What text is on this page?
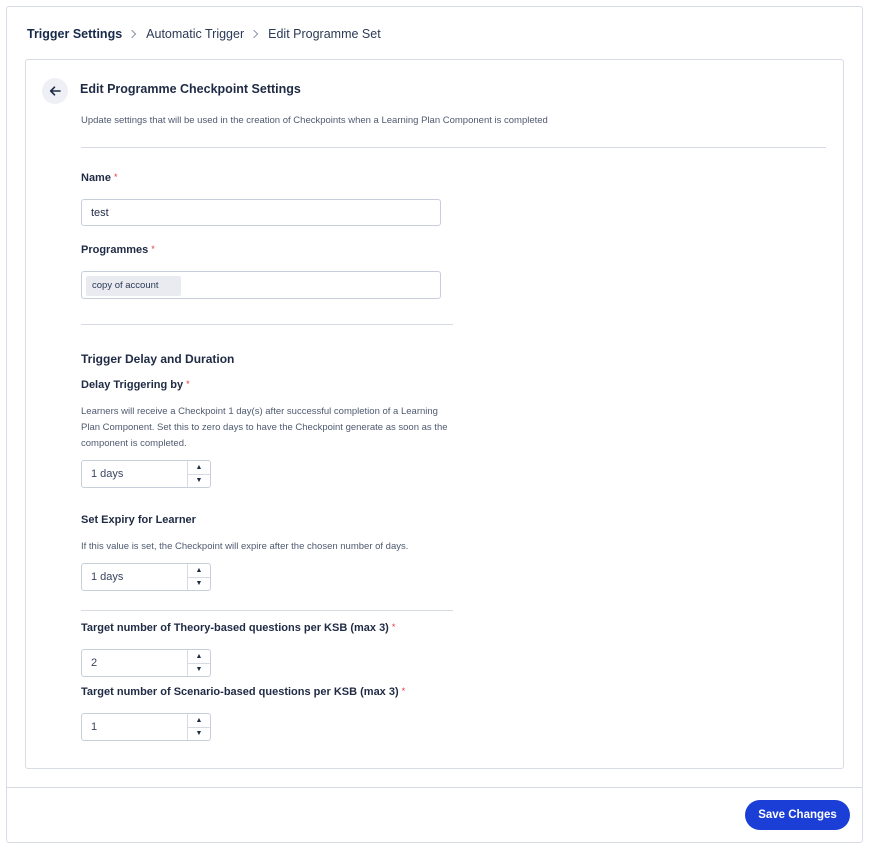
Trigger Settings Automatic Trigger Edit Programme Set
Edit Programme Checkpoint Settings
Update settings that will be used in the creation of Checkpoints when a Learning Plan Component is completed
Name *
test
Programmes *
copy of account
Trigger Delay and Duration
Delay Triggering by *
Learners will receive a Checkpoint 1 day(s) after successful completion of a Learning Plan Component. Set this to zero days to have the Checkpoint generate as soon as the component is completed.
1 days
▲
▼
Set Expiry for Learner
If this value is set, the Checkpoint will expire after the chosen number of days.
1 days
▲
▼
Target number of Theory-based questions per KSB (max 3) *
2
▲
▼
Target number of Scenario-based questions per KSB (max 3) *
1
▲
▼
Save Changes
